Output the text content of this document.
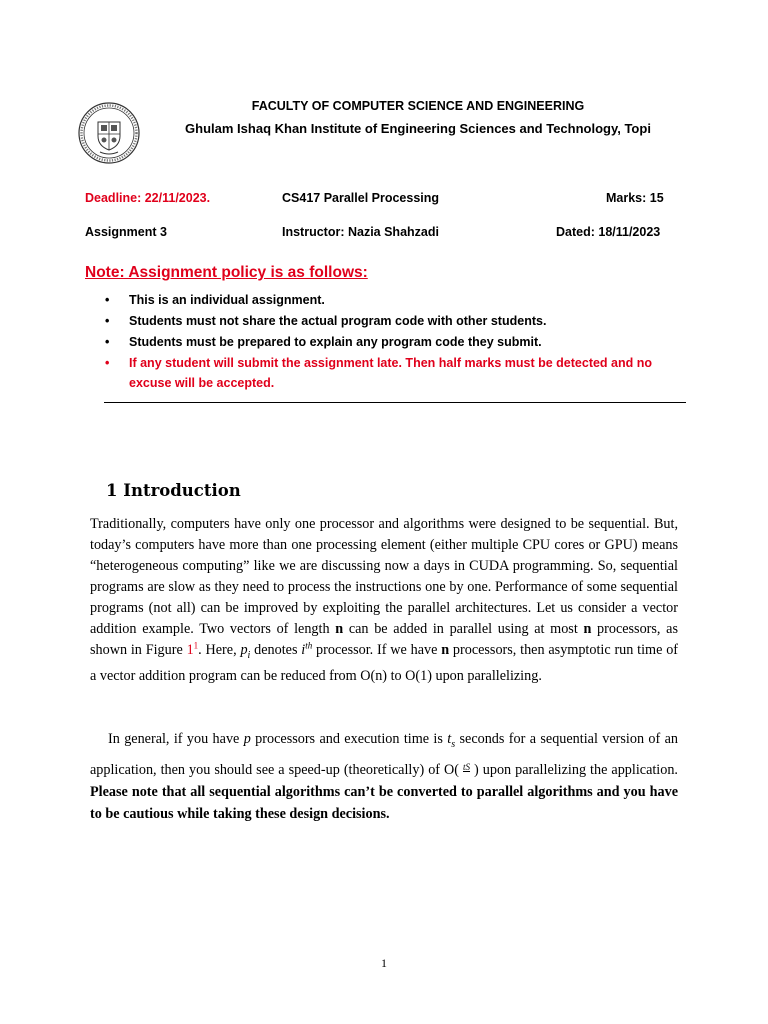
FACULTY OF COMPUTER SCIENCE AND ENGINEERING
Ghulam Ishaq Khan Institute of Engineering Sciences and Technology, Topi
Deadline: 22/11/2023.	CS417 Parallel Processing	Marks: 15
Assignment 3	Instructor: Nazia Shahzadi	Dated: 18/11/2023
Note: Assignment policy is as follows:
• This is an individual assignment.
• Students must not share the actual program code with other students.
• Students must be prepared to explain any program code they submit.
• If any student will submit the assignment late. Then half marks must be detected and no excuse will be accepted.
1 Introduction
Traditionally, computers have only one processor and algorithms were designed to be sequential. But, today’s computers have more than one processing element (either multiple CPU cores or GPU) means “heterogeneous computing” like we are discussing now a days in CUDA programming. So, sequential programs are slow as they need to process the instructions one by one. Performance of some sequential programs (not all) can be improved by exploiting the parallel architectures. Let us consider a vector addition example. Two vectors of length n can be added in parallel using at most n processors, as shown in Figure $1^1$. Here, $p_i$ denotes $i^{th}$ processor. If we have n processors, then asymptotic run time of a vector addition program can be reduced from O(n) to O(1) upon parallelizing.
In general, if you have p processors and execution time is $t_s$ seconds for a sequential version of an application, then you should see a speed-up (theoretically) of O( tS ) upon parallelizing the application. Please note that all sequential algorithms can’t be converted to parallel algorithms and you have to be cautious while taking these design decisions.
1
